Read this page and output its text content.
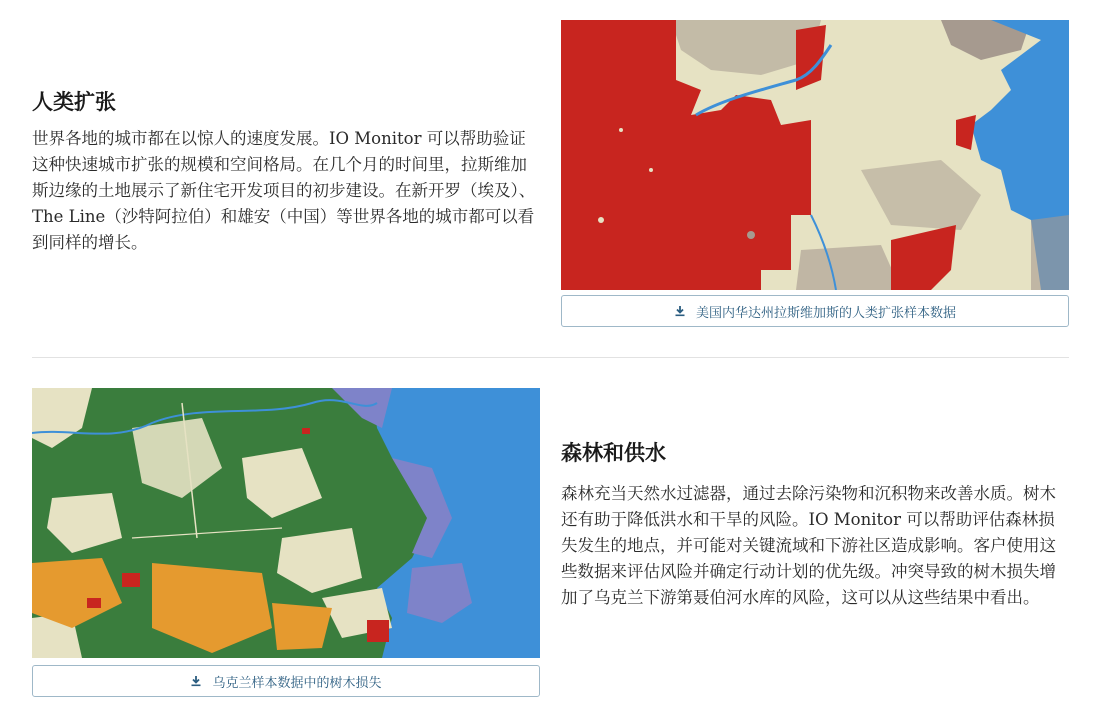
人类扩张

世界各地的城市都在以惊人的速度发展。IO Monitor 可以帮助验证这种快速城市扩张的规模和空间格局。在几个月的时间里，拉斯维加斯边缘的土地展示了新住宅开发项目的初步建设。在新开罗（埃及）、The Line（沙特阿拉伯）和雄安（中国）等世界各地的城市都可以看到同样的增长。

美国内华达州拉斯维加斯的人类扩张样本数据
乌克兰样本数据中的树木损失
森林和供水

森林充当天然水过滤器，通过去除污染物和沉积物来改善水质。树木还有助于降低洪水和干旱的风险。IO Monitor 可以帮助评估森林损失发生的地点，并可能对关键流域和下游社区造成影响。客户使用这些数据来评估风险并确定行动计划的优先级。冲突导致的树木损失增加了乌克兰下游第聂伯河水库的风险，这可以从这些结果中看出。
